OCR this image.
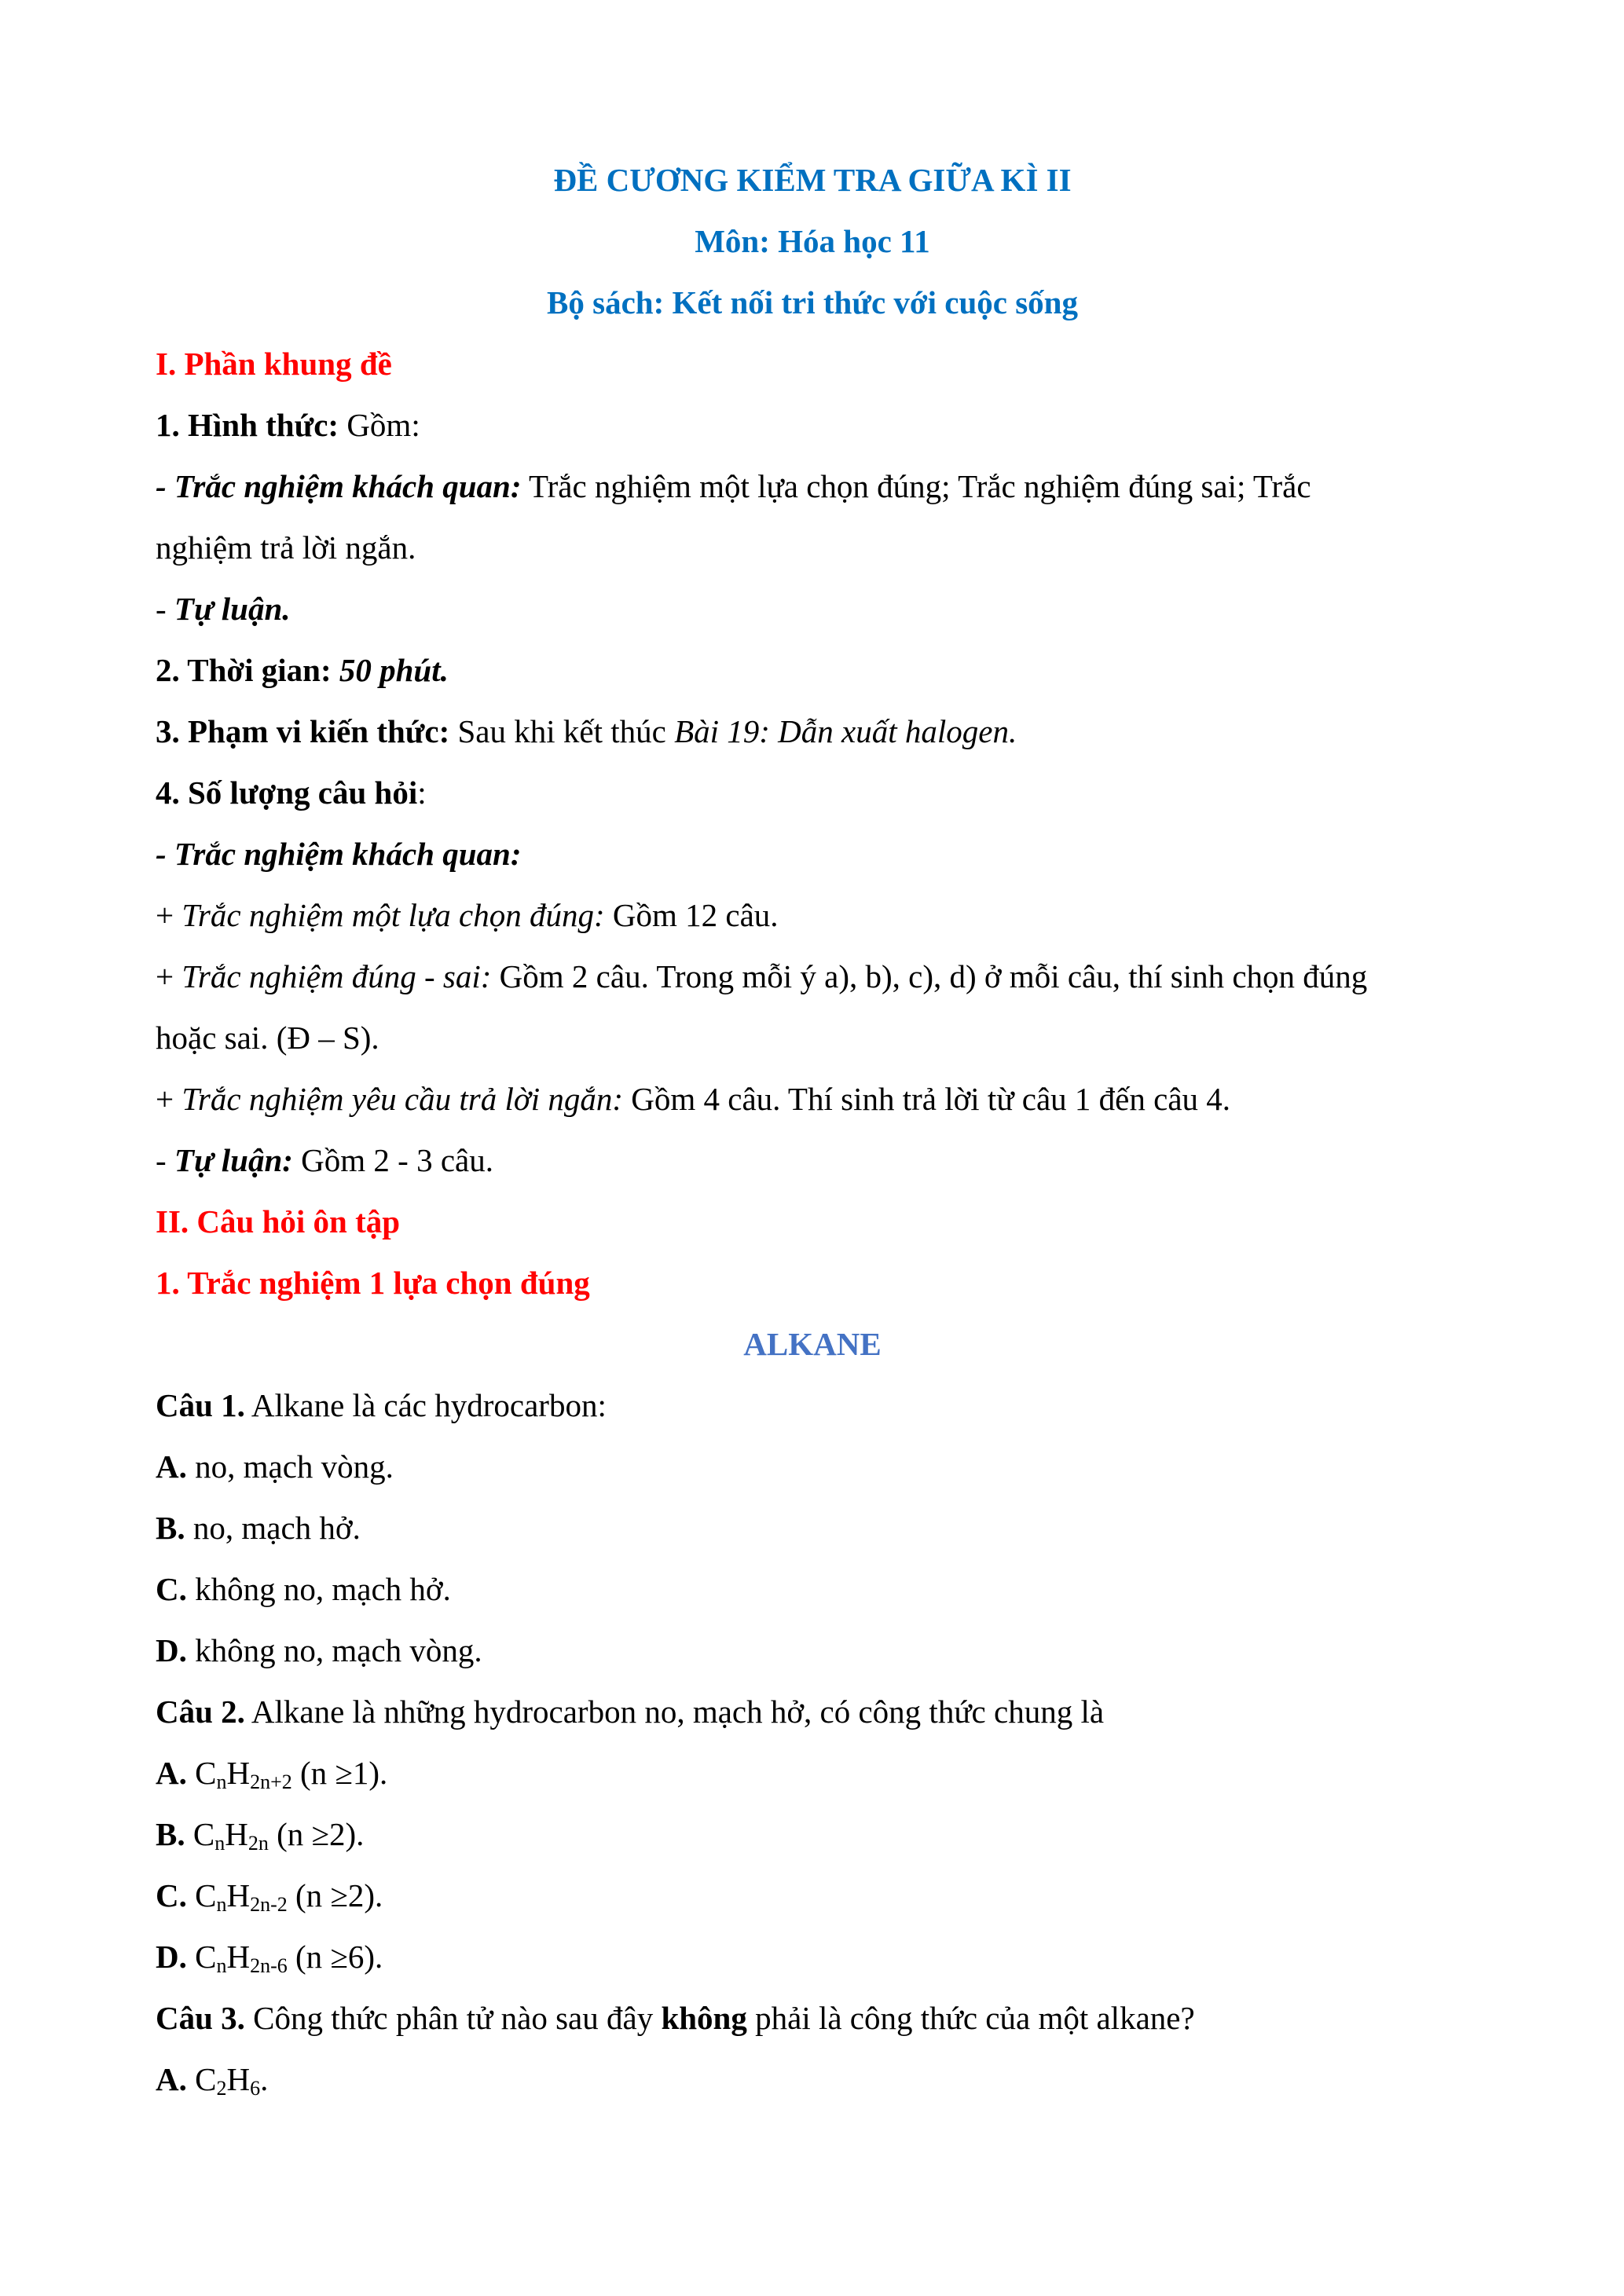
ĐỀ CƯƠNG KIỂM TRA GIỮA KÌ II
Môn: Hóa học 11
Bộ sách: Kết nối tri thức với cuộc sống
I. Phần khung đề
1. Hình thức: Gồm:
- Trắc nghiệm khách quan: Trắc nghiệm một lựa chọn đúng; Trắc nghiệm đúng sai; Trắc
nghiệm trả lời ngắn.
- Tự luận.
2. Thời gian: 50 phút.
3. Phạm vi kiến thức: Sau khi kết thúc Bài 19: Dẫn xuất halogen.
4. Số lượng câu hỏi:
- Trắc nghiệm khách quan:
+ Trắc nghiệm một lựa chọn đúng: Gồm 12 câu.
+ Trắc nghiệm đúng - sai: Gồm 2 câu. Trong mỗi ý a), b), c), d) ở mỗi câu, thí sinh chọn đúng
hoặc sai. (Đ – S).
+ Trắc nghiệm yêu cầu trả lời ngắn: Gồm 4 câu. Thí sinh trả lời từ câu 1 đến câu 4.
- Tự luận: Gồm 2 - 3 câu.
II. Câu hỏi ôn tập
1. Trắc nghiệm 1 lựa chọn đúng
ALKANE
Câu 1. Alkane là các hydrocarbon:
A. no, mạch vòng.
B. no, mạch hở.
C. không no, mạch hở.
D. không no, mạch vòng.
Câu 2. Alkane là những hydrocarbon no, mạch hở, có công thức chung là
A. $C_nH_{2n+2}$ (n ≥1).
B. $C_nH_{2n}$ (n ≥2).
C. $C_nH_{2n-2}$ (n ≥2).
D. $C_nH_{2n-6}$ (n ≥6).
Câu 3. Công thức phân tử nào sau đây không phải là công thức của một alkane?
A. $C_2H_6$.
